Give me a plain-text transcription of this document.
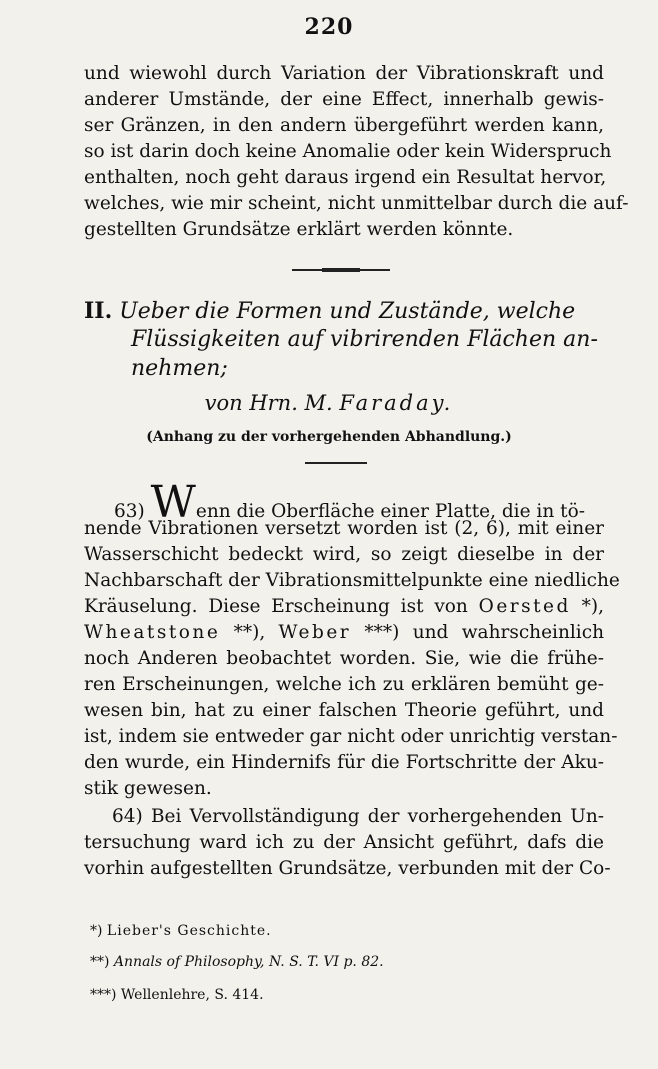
220
und wiewohl durch Variation der Vibrationskraft und
anderer Umstände, der eine Effect, innerhalb gewis-
ser Gränzen, in den andern übergeführt werden kann,
so ist darin doch keine Anomalie oder kein Widerspruch
enthalten, noch geht daraus irgend ein Resultat hervor,
welches, wie mir scheint, nicht unmittelbar durch die auf-
gestellten Grundsätze erklärt werden könnte.
II. Ueber die Formen und Zustände, welche
Flüssigkeiten auf vibrirenden Flächen an-
nehmen;
von Hrn. M. Faraday.
(Anhang zu der vorhergehenden Abhandlung.)
63) Wenn die Oberfläche einer Platte, die in tö-
nende Vibrationen versetzt worden ist (2, 6), mit einer
Wasserschicht bedeckt wird, so zeigt dieselbe in der
Nachbarschaft der Vibrationsmittelpunkte eine niedliche
Kräuselung. Diese Erscheinung ist von Oersted *),
Wheatstone **), Weber ***) und wahrscheinlich
noch Anderen beobachtet worden. Sie, wie die frühe-
ren Erscheinungen, welche ich zu erklären bemüht ge-
wesen bin, hat zu einer falschen Theorie geführt, und
ist, indem sie entweder gar nicht oder unrichtig verstan-
den wurde, ein Hindernifs für die Fortschritte der Aku-
stik gewesen.
64) Bei Vervollständigung der vorhergehenden Un-
tersuchung ward ich zu der Ansicht geführt, dafs die
vorhin aufgestellten Grundsätze, verbunden mit der Co-
*) Lieber's Geschichte.
**) Annals of Philosophy, N. S. T. VI p. 82.
***) Wellenlehre, S. 414.
